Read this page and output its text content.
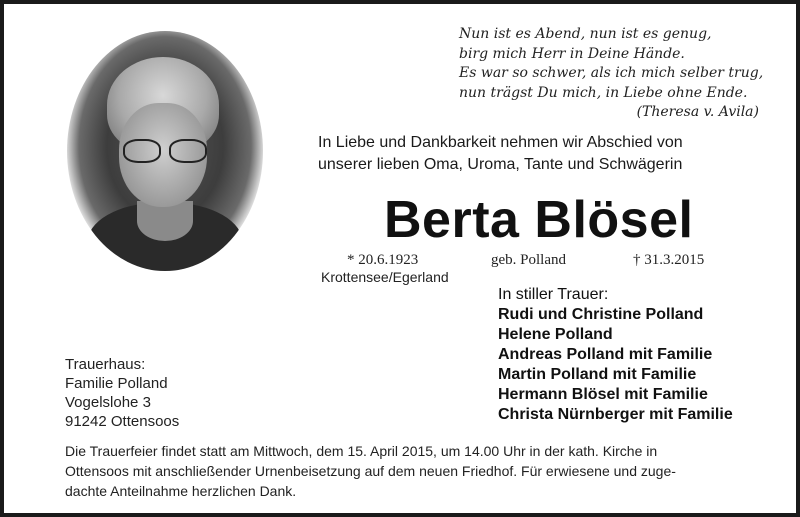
Nun ist es Abend, nun ist es genug,
birg mich Herr in Deine Hände.
Es war so schwer, als ich mich selber trug,
nun trägst Du mich, in Liebe ohne Ende.
(Theresa v. Avila)
In Liebe und Dankbarkeit nehmen wir Abschied von
unserer lieben Oma, Uroma, Tante und Schwägerin
Berta Blösel
* 20.6.1923
Krottensee/Egerland
geb. Polland	† 31.3.2015
In stiller Trauer:
Rudi und Christine Polland
Helene Polland
Andreas Polland mit Familie
Martin Polland mit Familie
Hermann Blösel mit Familie
Christa Nürnberger mit Familie
Trauerhaus:
Familie Polland
Vogelslohe 3
91242 Ottensoos
Die Trauerfeier findet statt am Mittwoch, dem 15. April 2015, um 14.00 Uhr in der kath. Kirche in
Ottensoos mit anschließender Urnenbeisetzung auf dem neuen Friedhof. Für erwiesene und zuge-
dachte Anteilnahme herzlichen Dank.
